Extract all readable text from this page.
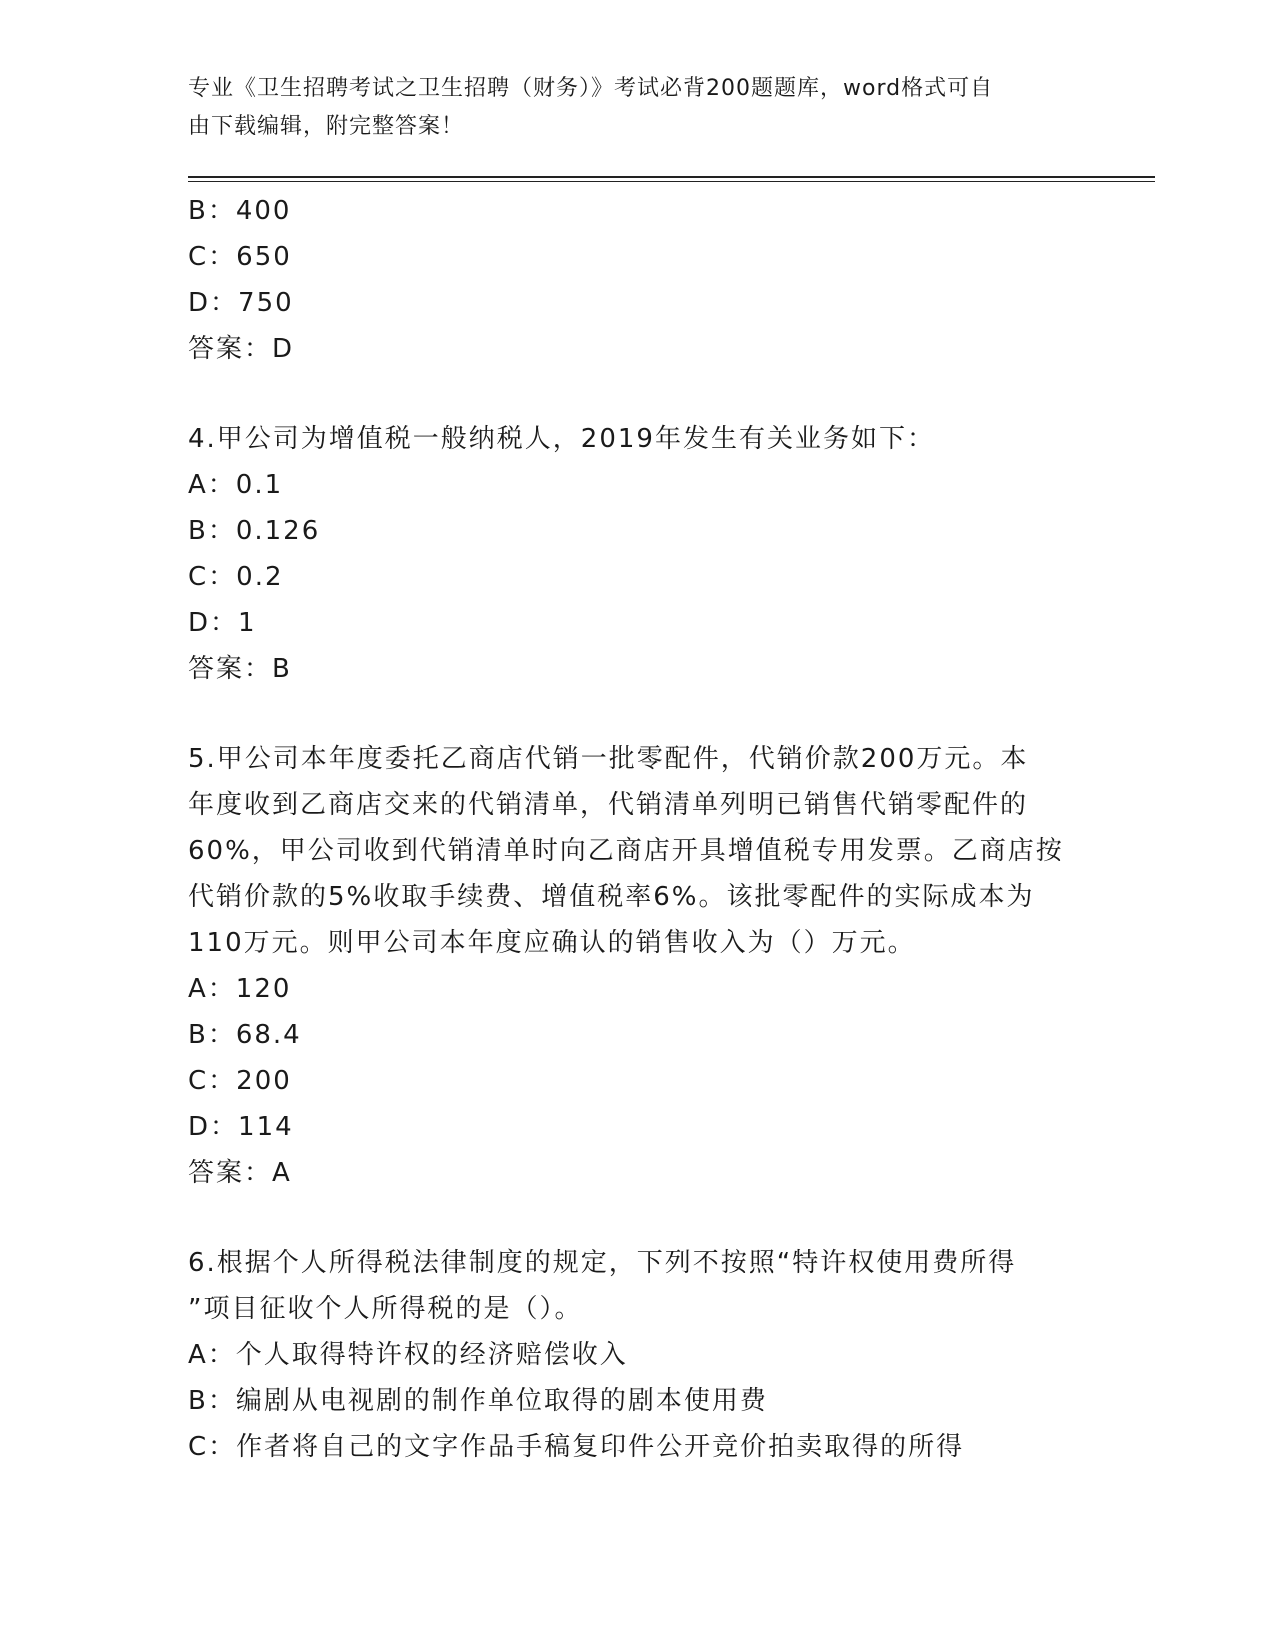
专业《卫生招聘考试之卫生招聘（财务）》考试必背200题题库，word格式可自
由下载编辑，附完整答案！
B：400
C：650
D：750
答案：D
4.甲公司为增值税一般纳税人，2019年发生有关业务如下：
A：0.1
B：0.126
C：0.2
D：1
答案：B
5.甲公司本年度委托乙商店代销一批零配件，代销价款200万元。本
年度收到乙商店交来的代销清单，代销清单列明已销售代销零配件的
60%，甲公司收到代销清单时向乙商店开具增值税专用发票。乙商店按
代销价款的5%收取手续费、增值税率6%。该批零配件的实际成本为
110万元。则甲公司本年度应确认的销售收入为（）万元。
A：120
B：68.4
C：200
D：114
答案：A
6.根据个人所得税法律制度的规定，下列不按照“特许权使用费所得
”项目征收个人所得税的是（）。
A：个人取得特许权的经济赔偿收入
B：编剧从电视剧的制作单位取得的剧本使用费
C：作者将自己的文字作品手稿复印件公开竞价拍卖取得的所得
